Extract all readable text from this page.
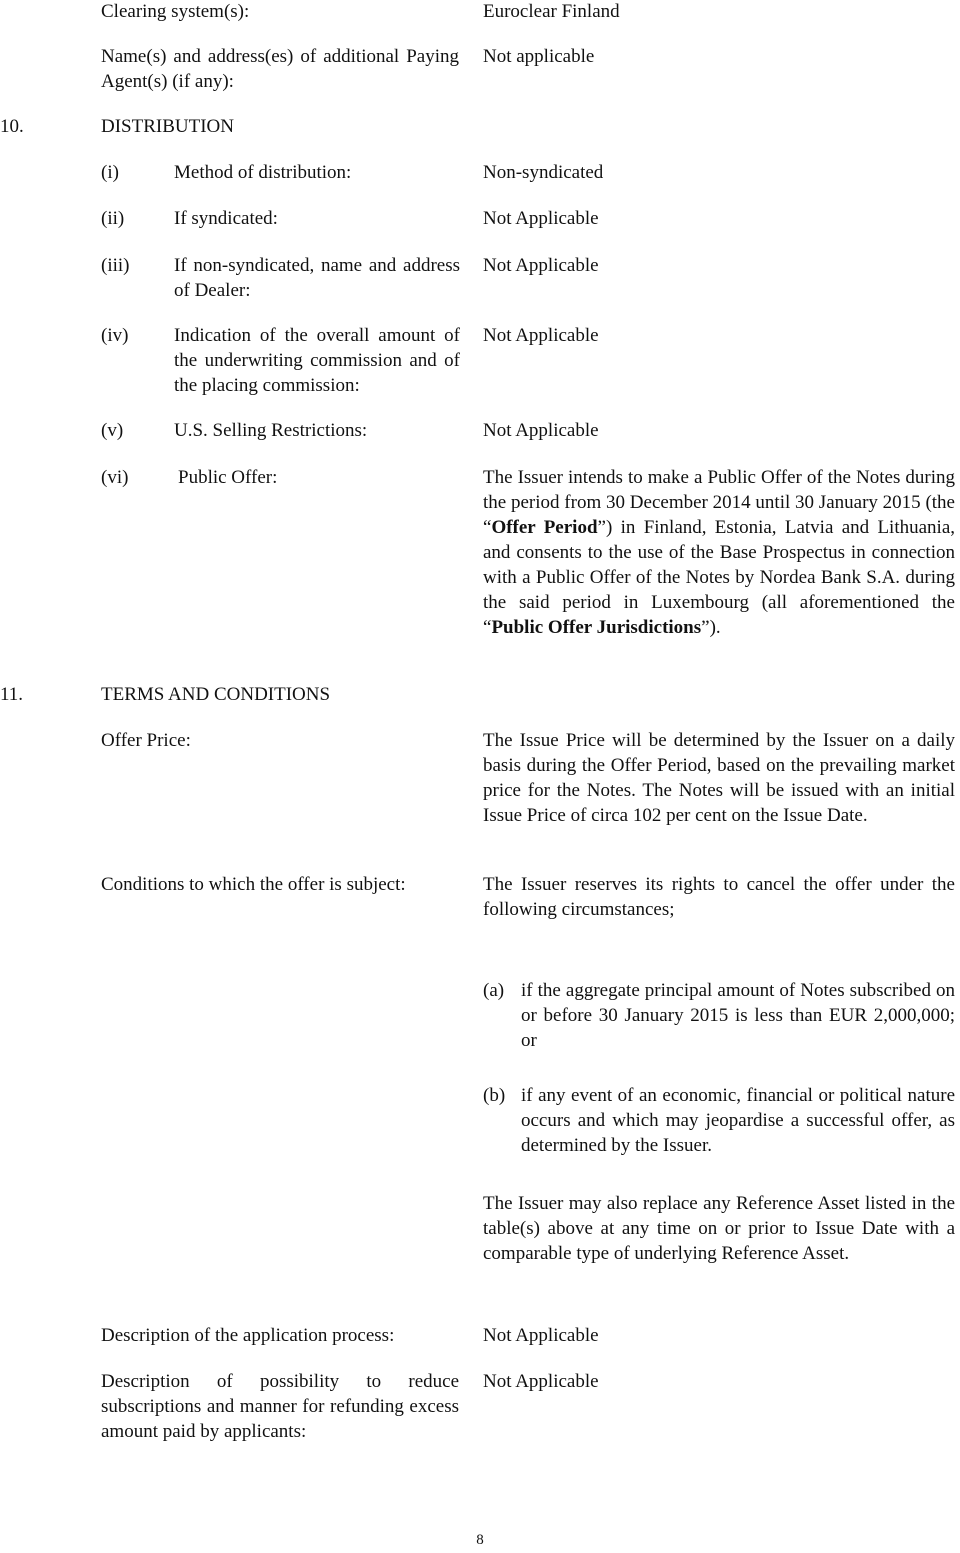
Clearing system(s):	Euroclear Finland
Name(s) and address(es) of additional Paying Agent(s) (if any):
Not applicable
10.	DISTRIBUTION
(i)	Method of distribution:	Non-syndicated
(ii)	If syndicated:	Not Applicable
(iii) If non-syndicated, name and address of Dealer:
Not Applicable
(iv) Indication of the overall amount of the underwriting commission and of the placing commission:
Not Applicable
(v)	U.S. Selling Restrictions:	Not Applicable
(vi)	Public Offer:	The Issuer intends to make a Public Offer of the Notes during the period from 30 December 2014 until 30 January 2015 (the “Offer Period”) in Finland, Estonia, Latvia and Lithuania, and consents to the use of the Base Prospectus in connection with a Public Offer of the Notes by Nordea Bank S.A. during the said period in Luxembourg (all aforementioned the “Public Offer Jurisdictions”).
11.	TERMS AND CONDITIONS
Offer Price:	The Issue Price will be determined by the Issuer on a daily basis during the Offer Period, based on the prevailing market price for the Notes. The Notes will be issued with an initial Issue Price of circa 102 per cent on the Issue Date.
Conditions to which the offer is subject:	The Issuer reserves its rights to cancel the offer under the following circumstances;
(a) if the aggregate principal amount of Notes subscribed on or before 30 January 2015 is less than EUR 2,000,000; or
(b) if any event of an economic, financial or political nature occurs and which may jeopardise a successful offer, as determined by the Issuer.
The Issuer may also replace any Reference Asset listed in the table(s) above at any time on or prior to Issue Date with a comparable type of underlying Reference Asset.
Description of the application process:	Not Applicable
Description of possibility to reduce subscriptions and manner for refunding excess amount paid by applicants:
Not Applicable
8
